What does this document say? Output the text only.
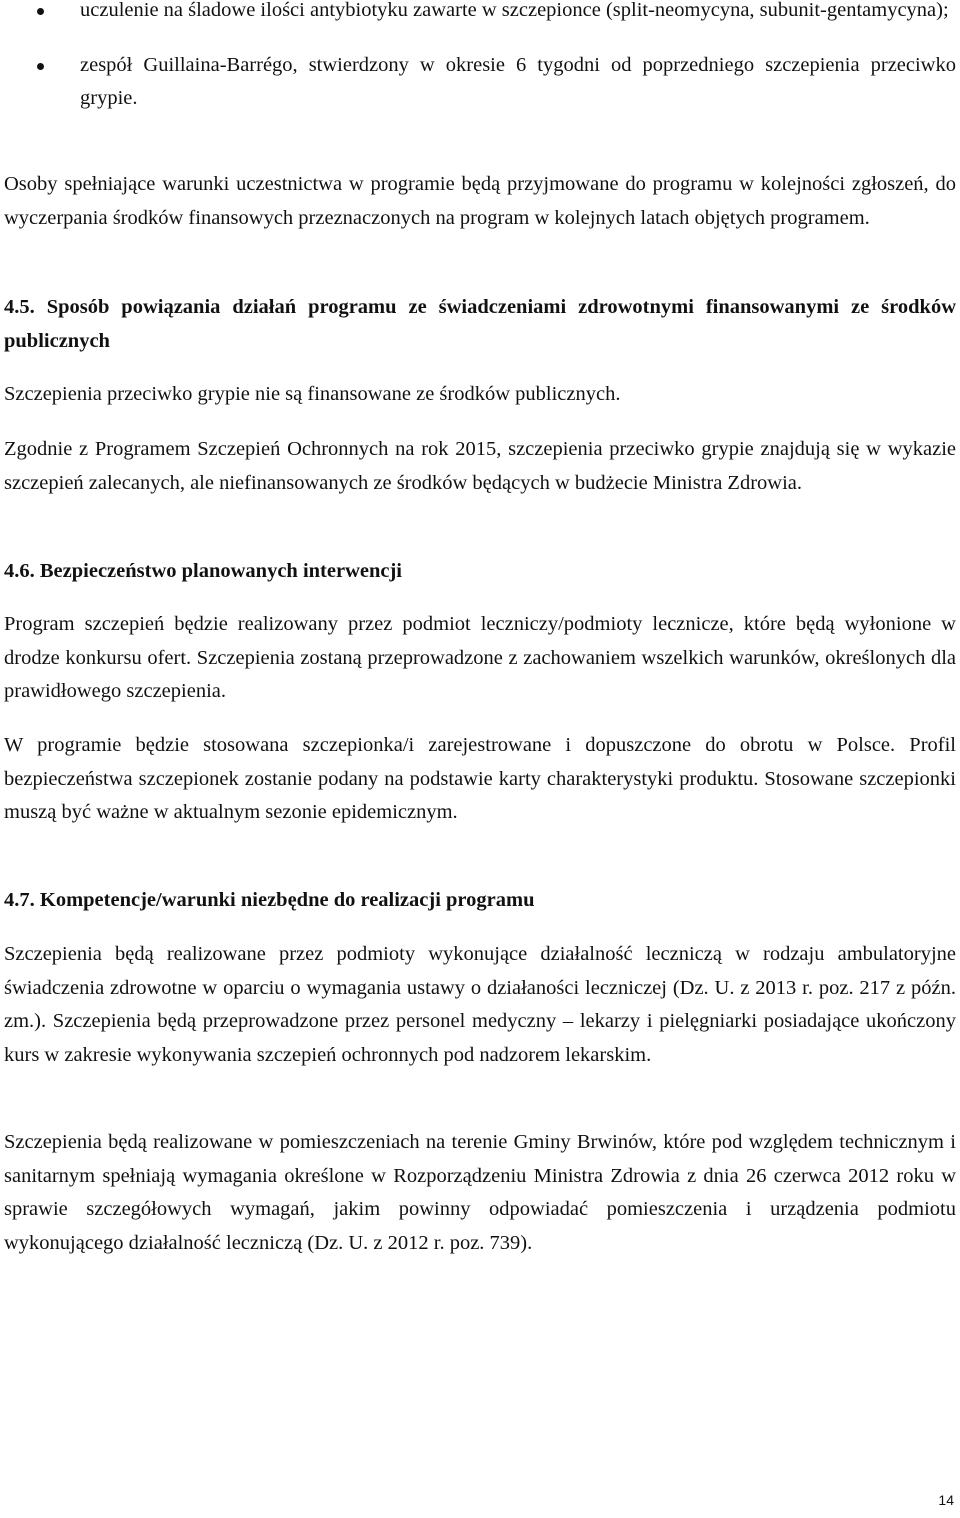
uczulenie na śladowe ilości antybiotyku zawarte w szczepionce (split-neomycyna, subunit-gentamycyna);
zespół Guillaina-Barrégo, stwierdzony w okresie 6 tygodni od poprzedniego szczepienia przeciwko grypie.
Osoby spełniające warunki uczestnictwa w programie będą przyjmowane do programu w kolejności zgłoszeń, do wyczerpania środków finansowych przeznaczonych na program w kolejnych latach objętych programem.
4.5. Sposób powiązania działań programu ze świadczeniami zdrowotnymi finansowanymi ze środków publicznych
Szczepienia przeciwko grypie nie są finansowane ze środków publicznych.
Zgodnie z Programem Szczepień Ochronnych na rok 2015, szczepienia przeciwko grypie znajdują się w wykazie szczepień zalecanych, ale niefinansowanych ze środków będących w budżecie Ministra Zdrowia.
4.6. Bezpieczeństwo planowanych interwencji
Program szczepień będzie realizowany przez podmiot leczniczy/podmioty lecznicze, które będą wyłonione w drodze konkursu ofert. Szczepienia zostaną przeprowadzone z zachowaniem wszelkich warunków, określonych dla prawidłowego szczepienia.
W programie będzie stosowana szczepionka/i zarejestrowane i dopuszczone do obrotu w Polsce. Profil bezpieczeństwa szczepionek zostanie podany na podstawie karty charakterystyki produktu. Stosowane szczepionki muszą być ważne w aktualnym sezonie epidemicznym.
4.7. Kompetencje/warunki niezbędne do realizacji programu
Szczepienia będą realizowane przez podmioty wykonujące działalność leczniczą w rodzaju ambulatoryjne świadczenia zdrowotne w oparciu o wymagania ustawy o działaności leczniczej (Dz. U. z 2013 r. poz. 217 z późn. zm.). Szczepienia będą przeprowadzone przez personel medyczny – lekarzy i pielęgniarki posiadające ukończony kurs w zakresie wykonywania szczepień ochronnych pod nadzorem lekarskim.
Szczepienia będą realizowane w pomieszczeniach na terenie Gminy Brwinów, które pod względem technicznym i sanitarnym spełniają wymagania określone w Rozporządzeniu Ministra Zdrowia z dnia 26 czerwca 2012 roku w sprawie szczegółowych wymagań, jakim powinny odpowiadać pomieszczenia i urządzenia podmiotu wykonującego działalność leczniczą (Dz. U. z 2012 r. poz. 739).
14
